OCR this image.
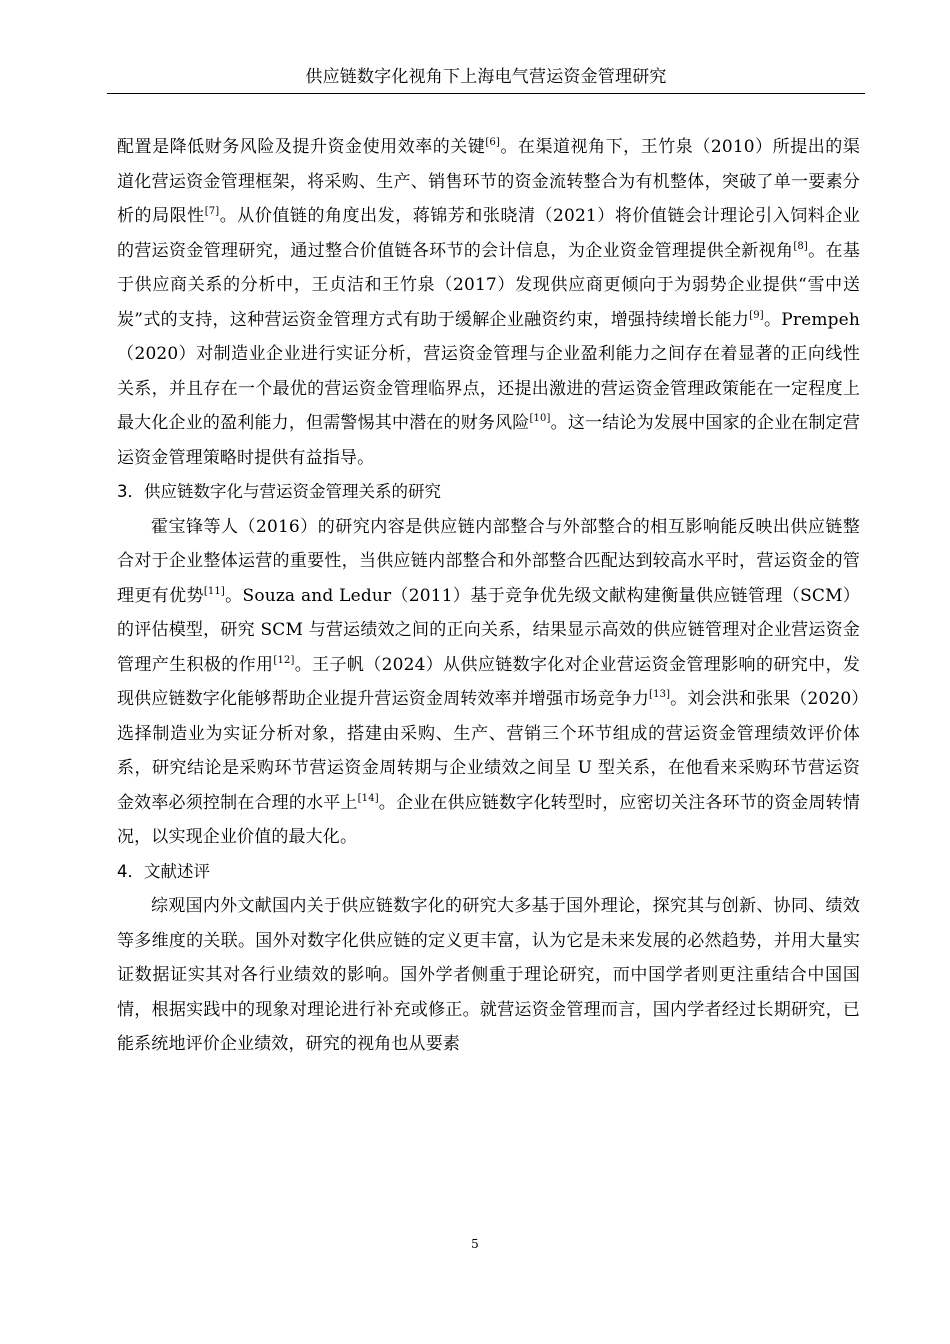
供应链数字化视角下上海电气营运资金管理研究

配置是降低财务风险及提升资金使用效率的关键[6]。在渠道视角下，王竹泉（2010）所提出的渠道化营运资金管理框架，将采购、生产、销售环节的资金流转整合为有机整体，突破了单一要素分析的局限性[7]。从价值链的角度出发，蒋锦芳和张晓清（2021）将价值链会计理论引入饲料企业的营运资金管理研究，通过整合价值链各环节的会计信息，为企业资金管理提供全新视角[8]。在基于供应商关系的分析中，王贞洁和王竹泉（2017）发现供应商更倾向于为弱势企业提供“雪中送炭”式的支持，这种营运资金管理方式有助于缓解企业融资约束，增强持续增长能力[9]。Prempeh（2020）对制造业企业进行实证分析，营运资金管理与企业盈利能力之间存在着显著的正向线性关系，并且存在一个最优的营运资金管理临界点，还提出激进的营运资金管理政策能在一定程度上最大化企业的盈利能力，但需警惕其中潜在的财务风险[10]。这一结论为发展中国家的企业在制定营运资金管理策略时提供有益指导。

3．供应链数字化与营运资金管理关系的研究

霍宝锋等人（2016）的研究内容是供应链内部整合与外部整合的相互影响能反映出供应链整合对于企业整体运营的重要性，当供应链内部整合和外部整合匹配达到较高水平时，营运资金的管理更有优势[11]。Souza and Ledur（2011）基于竞争优先级文献构建衡量供应链管理（SCM）的评估模型，研究 SCM 与营运绩效之间的正向关系，结果显示高效的供应链管理对企业营运资金管理产生积极的作用[12]。王子帆（2024）从供应链数字化对企业营运资金管理影响的研究中，发现供应链数字化能够帮助企业提升营运资金周转效率并增强市场竞争力[13]。刘会洪和张果（2020）选择制造业为实证分析对象，搭建由采购、生产、营销三个环节组成的营运资金管理绩效评价体系，研究结论是采购环节营运资金周转期与企业绩效之间呈 U 型关系，在他看来采购环节营运资金效率必须控制在合理的水平上[14]。企业在供应链数字化转型时，应密切关注各环节的资金周转情况，以实现企业价值的最大化。

4．文献述评

综观国内外文献国内关于供应链数字化的研究大多基于国外理论，探究其与创新、协同、绩效等多维度的关联。国外对数字化供应链的定义更丰富，认为它是未来发展的必然趋势，并用大量实证数据证实其对各行业绩效的影响。国外学者侧重于理论研究，而中国学者则更注重结合中国国情，根据实践中的现象对理论进行补充或修正。就营运资金管理而言，国内学者经过长期研究，已能系统地评价企业绩效，研究的视角也从要素

5
